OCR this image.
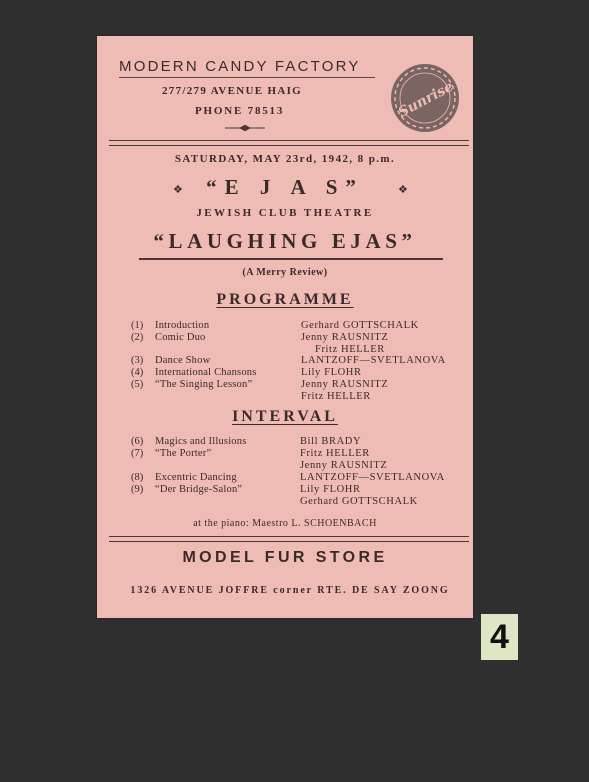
MODERN CANDY FACTORY
277/279 AVENUE HAIG
PHONE 78513	Sunrise
SATURDAY, MAY 23rd, 1942, 8 p.m.
❖	“E J A S”	❖
JEWISH CLUB THEATRE
“LAUGHING EJAS”
(A Merry Review)
PROGRAMME
(1) Introduction	Gerhard GOTTSCHALK
(2) Comic Duo	Jenny RAUSNITZ
Fritz HELLER
(3) Dance Show	LANTZOFF—SVETLANOVA
(4) International Chansons	Lily FLOHR
(5) “The Singing Lesson”	Jenny RAUSNITZ
Fritz HELLER
INTERVAL
(6) Magics and Illusions	Bill BRADY
(7) “The Porter”	Fritz HELLER
Jenny RAUSNITZ
(8) Excentric Dancing	LANTZOFF—SVETLANOVA
(9) “Der Bridge-Salon”	Lily FLOHR
Gerhard GOTTSCHALK
at the piano: Maestro L. SCHOENBACH
MODEL FUR STORE
1326 AVENUE JOFFRE corner RTE. DE SAY ZOONG
4
